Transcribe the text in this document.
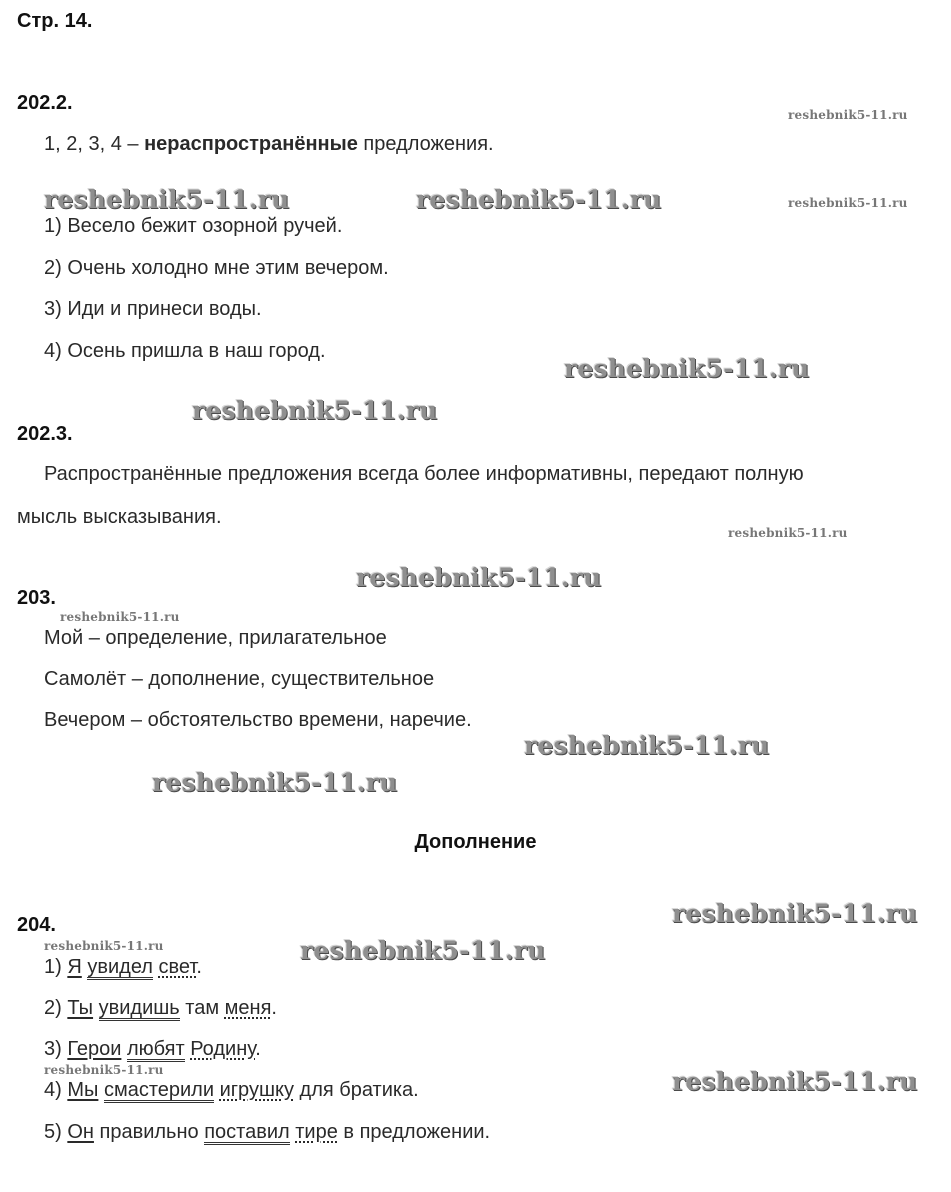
Стр. 14.
202.2.
1, 2, 3, 4 – нераспространённые предложения.
1) Весело бежит озорной ручей.
2) Очень холодно мне этим вечером.
3) Иди и принеси воды.
4) Осень пришла в наш город.
202.3.
Распространённые предложения всегда более информативны, передают полную
мысль высказывания.
203.
Мой – определение, прилагательное
Самолёт – дополнение, существительное
Вечером – обстоятельство времени, наречие.
Дополнение
204.
1) Я увидел свет.
2) Ты увидишь там меня.
3) Герои любят Родину.
4) Мы смастерили игрушку для братика.
5) Он правильно поставил тире в предложении.
reshebnik5-11.ru
reshebnik5-11.ru	reshebnik5-11.ru	reshebnik5-11.ru
reshebnik5-11.ru
reshebnik5-11.ru
reshebnik5-11.ru
reshebnik5-11.ru
reshebnik5-11.ru
reshebnik5-11.ru
reshebnik5-11.ru
reshebnik5-11.ru
reshebnik5-11.ru	reshebnik5-11.ru
reshebnik5-11.ru	reshebnik5-11.ru
